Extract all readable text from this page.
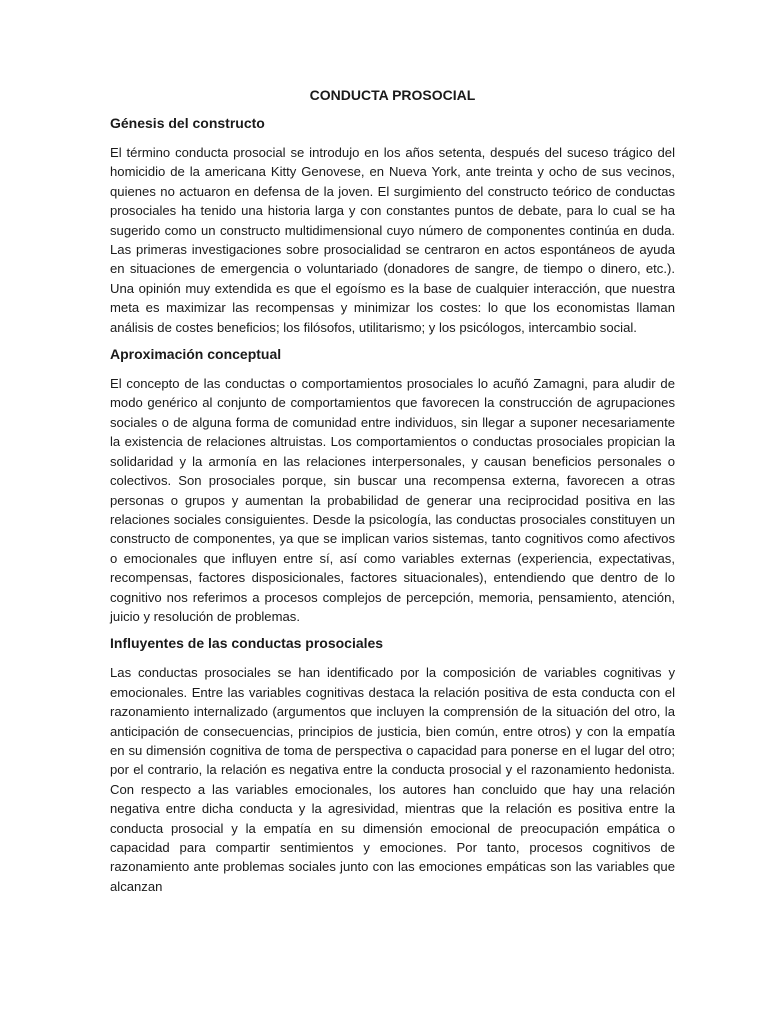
CONDUCTA PROSOCIAL
Génesis del constructo

El término conducta prosocial se introdujo en los años setenta, después del suceso trágico del homicidio de la americana Kitty Genovese, en Nueva York, ante treinta y ocho de sus vecinos, quienes no actuaron en defensa de la joven. El surgimiento del constructo teórico de conductas prosociales ha tenido una historia larga y con constantes puntos de debate, para lo cual se ha sugerido como un constructo multidimensional cuyo número de componentes continúa en duda. Las primeras investigaciones sobre prosocialidad se centraron en actos espontáneos de ayuda en situaciones de emergencia o voluntariado (donadores de sangre, de tiempo o dinero, etc.). Una opinión muy extendida es que el egoísmo es la base de cualquier interacción, que nuestra meta es maximizar las recompensas y minimizar los costes: lo que los economistas llaman análisis de costes beneficios; los filósofos, utilitarismo; y los psicólogos, intercambio social.

Aproximación conceptual

El concepto de las conductas o comportamientos prosociales lo acuñó Zamagni, para aludir de modo genérico al conjunto de comportamientos que favorecen la construcción de agrupaciones sociales o de alguna forma de comunidad entre individuos, sin llegar a suponer necesariamente la existencia de relaciones altruistas. Los comportamientos o conductas prosociales propician la solidaridad y la armonía en las relaciones interpersonales, y causan beneficios personales o colectivos. Son prosociales porque, sin buscar una recompensa externa, favorecen a otras personas o grupos y aumentan la probabilidad de generar una reciprocidad positiva en las relaciones sociales consiguientes. Desde la psicología, las conductas prosociales constituyen un constructo de componentes, ya que se implican varios sistemas, tanto cognitivos como afectivos o emocionales que influyen entre sí, así como variables externas (experiencia, expectativas, recompensas, factores disposicionales, factores situacionales), entendiendo que dentro de lo cognitivo nos referimos a procesos complejos de percepción, memoria, pensamiento, atención, juicio y resolución de problemas.

Influyentes de las conductas prosociales

Las conductas prosociales se han identificado por la composición de variables cognitivas y emocionales. Entre las variables cognitivas destaca la relación positiva de esta conducta con el razonamiento internalizado (argumentos que incluyen la comprensión de la situación del otro, la anticipación de consecuencias, principios de justicia, bien común, entre otros) y con la empatía en su dimensión cognitiva de toma de perspectiva o capacidad para ponerse en el lugar del otro; por el contrario, la relación es negativa entre la conducta prosocial y el razonamiento hedonista. Con respecto a las variables emocionales, los autores han concluido que hay una relación negativa entre dicha conducta y la agresividad, mientras que la relación es positiva entre la conducta prosocial y la empatía en su dimensión emocional de preocupación empática o capacidad para compartir sentimientos y emociones. Por tanto, procesos cognitivos de razonamiento ante problemas sociales junto con las emociones empáticas son las variables que alcanzan
